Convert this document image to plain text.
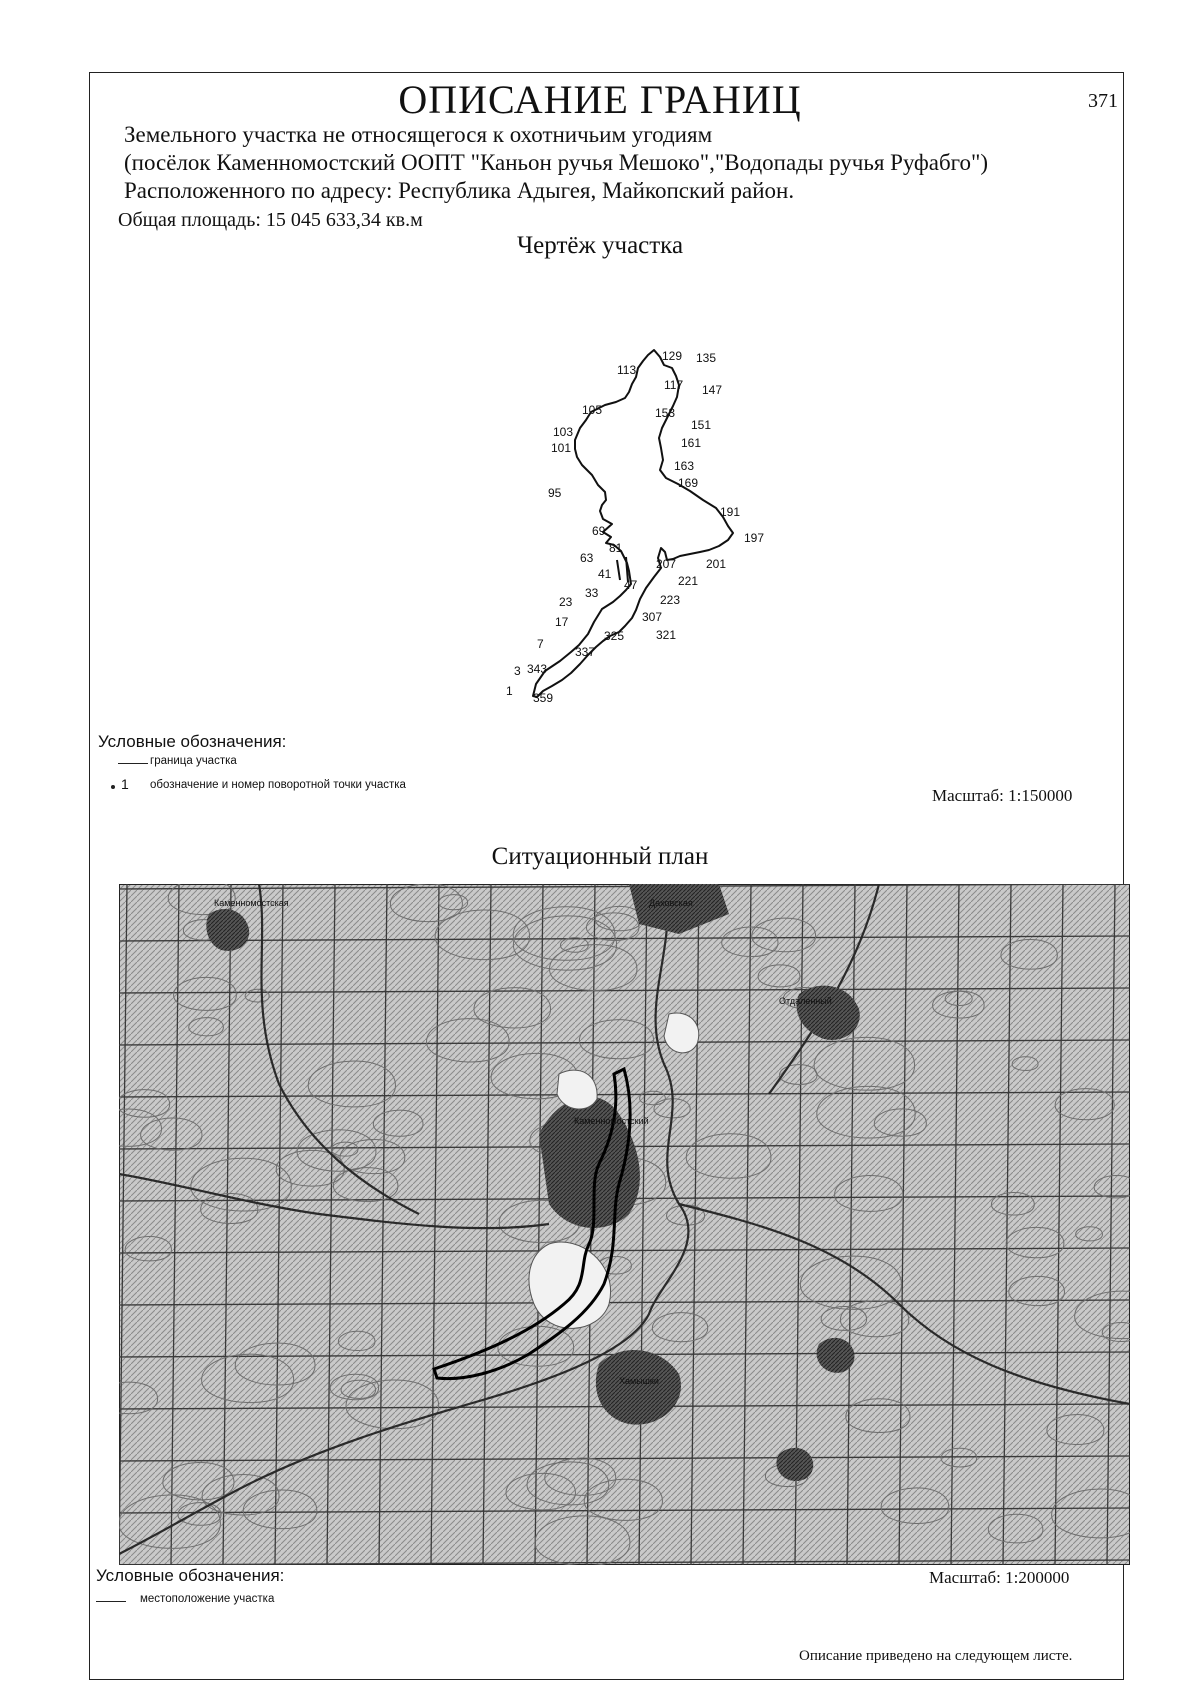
ОПИСАНИЕ ГРАНИЦ	371
Земельного участка не относящегося к охотничьим угодиям
(посёлок Каменномостский ООПТ "Каньон ручья Мешоко","Водопады ручья Руфабго")
Расположенного по адресу: Республика Адыгея, Майкопский район.
Общая площадь: 15 045 633,34 кв.м
Чертёж участка
129 135
113
117 147
105	153
151
103
101	161
163
169
95
191
197
69
81
201
63	207
41
47	221
33
23	223
17	307
325	321
7
337
3 343
1 359
Условные обозначения:
граница участка
1 обозначение и номер поворотной точки участка
Масштаб: 1:150000
Ситуационный план
Даховская
Каменномостский
Хамышки
Отдаленный
Каменномостская
Условные обозначения:
местоположение участка
Масштаб: 1:200000
Описание приведено на следующем листе.
